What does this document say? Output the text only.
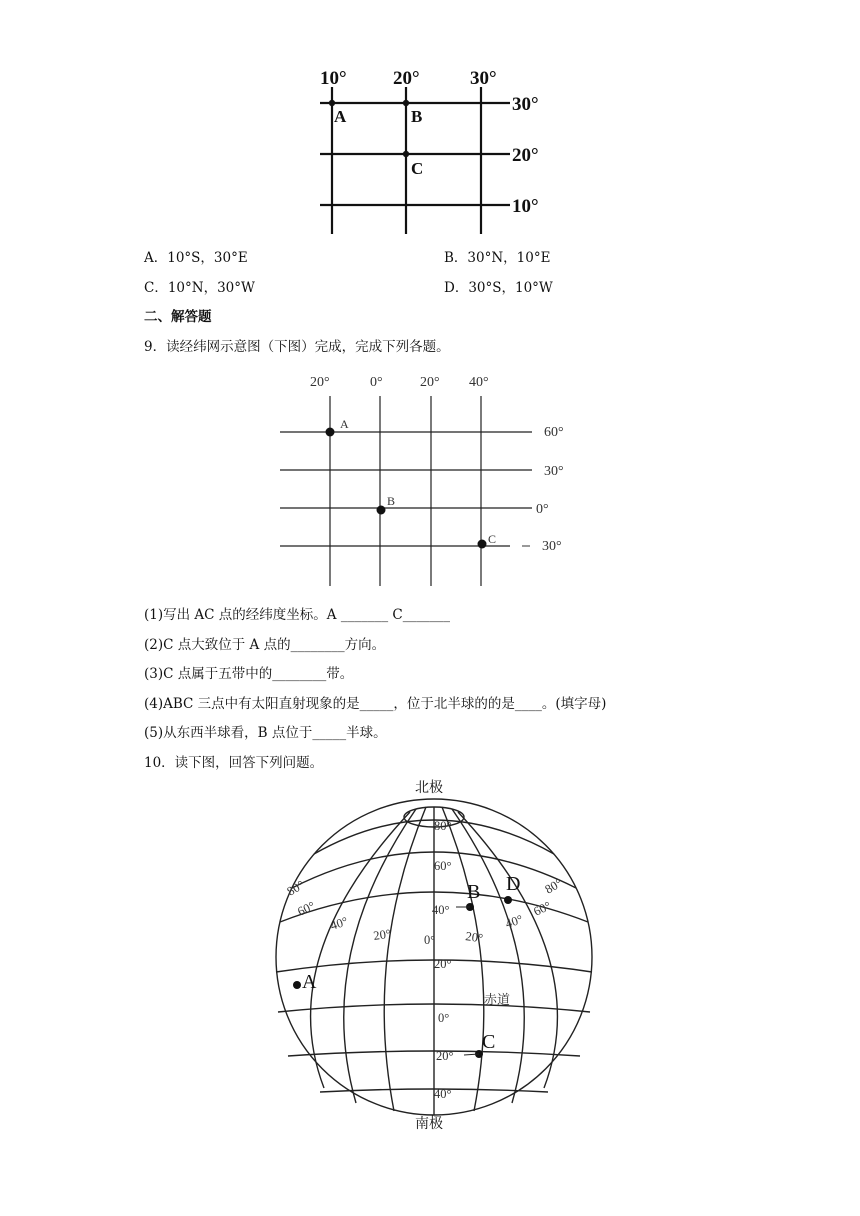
10° 20°	30°
30°
20°
10°
A	B
C
A．10°S，30°E	B．30°N，10°E
C．10°N，30°W	D．30°S，10°W
二、解答题
9．读经纬网示意图（下图）完成，完成下列各题。
20°	0°	20° 40°
60°
30°
0°
30°
A
B
C
(1)写出 AC 点的经纬度坐标。A _______ C_______
(2)C 点大致位于 A 点的________方向。
(3)C 点属于五带中的________带。
(4)ABC 三点中有太阳直射现象的是_____，位于北半球的的是____。(填字母)
(5)从东西半球看，B 点位于_____半球。
10．读下图，回答下列问题。
北极
南极
赤道
80°
60°
40°
20°
0°
20°
40°
80°
60°
40°
20°	0° 20°
40°
60°
80°
A
B
C
D
